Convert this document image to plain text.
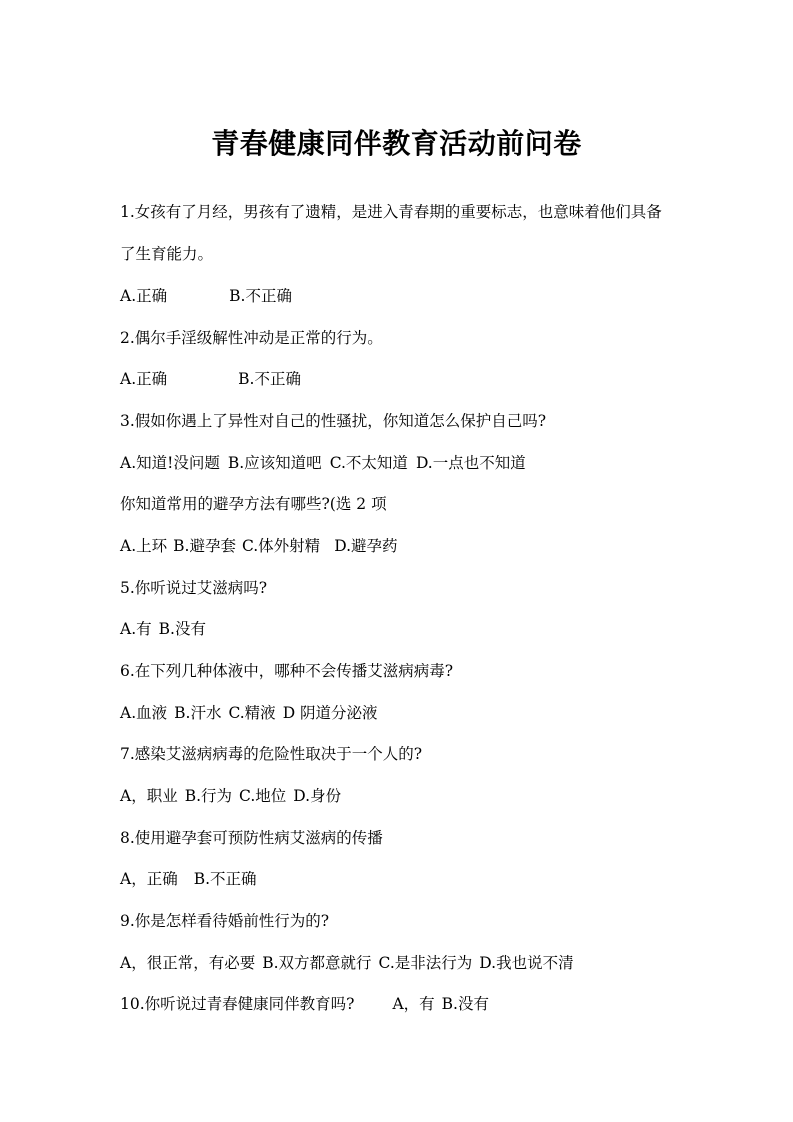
青春健康同伴教育活动前问卷
1.女孩有了月经，男孩有了遗精，是进入青春期的重要标志，也意味着他们具备
了生育能力。
A.正确	B.不正确
2.偶尔手淫级解性冲动是正常的行为。
A.正确	B.不正确
3.假如你遇上了异性对自己的性骚扰，你知道怎么保护自己吗?
A.知道!没问题 B.应该知道吧 C.不太知道 D.一点也不知道
你知道常用的避孕方法有哪些?(选 2 项
A.上环 B.避孕套 C.体外射精 D.避孕药
5.你听说过艾滋病吗?
A.有 B.没有
6.在下列几种体液中，哪种不会传播艾滋病病毒?
A.血液 B.汗水 C.精液 D 阴道分泌液
7.感染艾滋病病毒的危险性取决于一个人的?
A，职业 B.行为 C.地位 D.身份
8.使用避孕套可预防性病艾滋病的传播
A，正确 B.不正确
9.你是怎样看待婚前性行为的?
A，很正常，有必要 B.双方都意就行 C.是非法行为 D.我也说不清
10.你听说过青春健康同伴教育吗? A，有 B.没有
